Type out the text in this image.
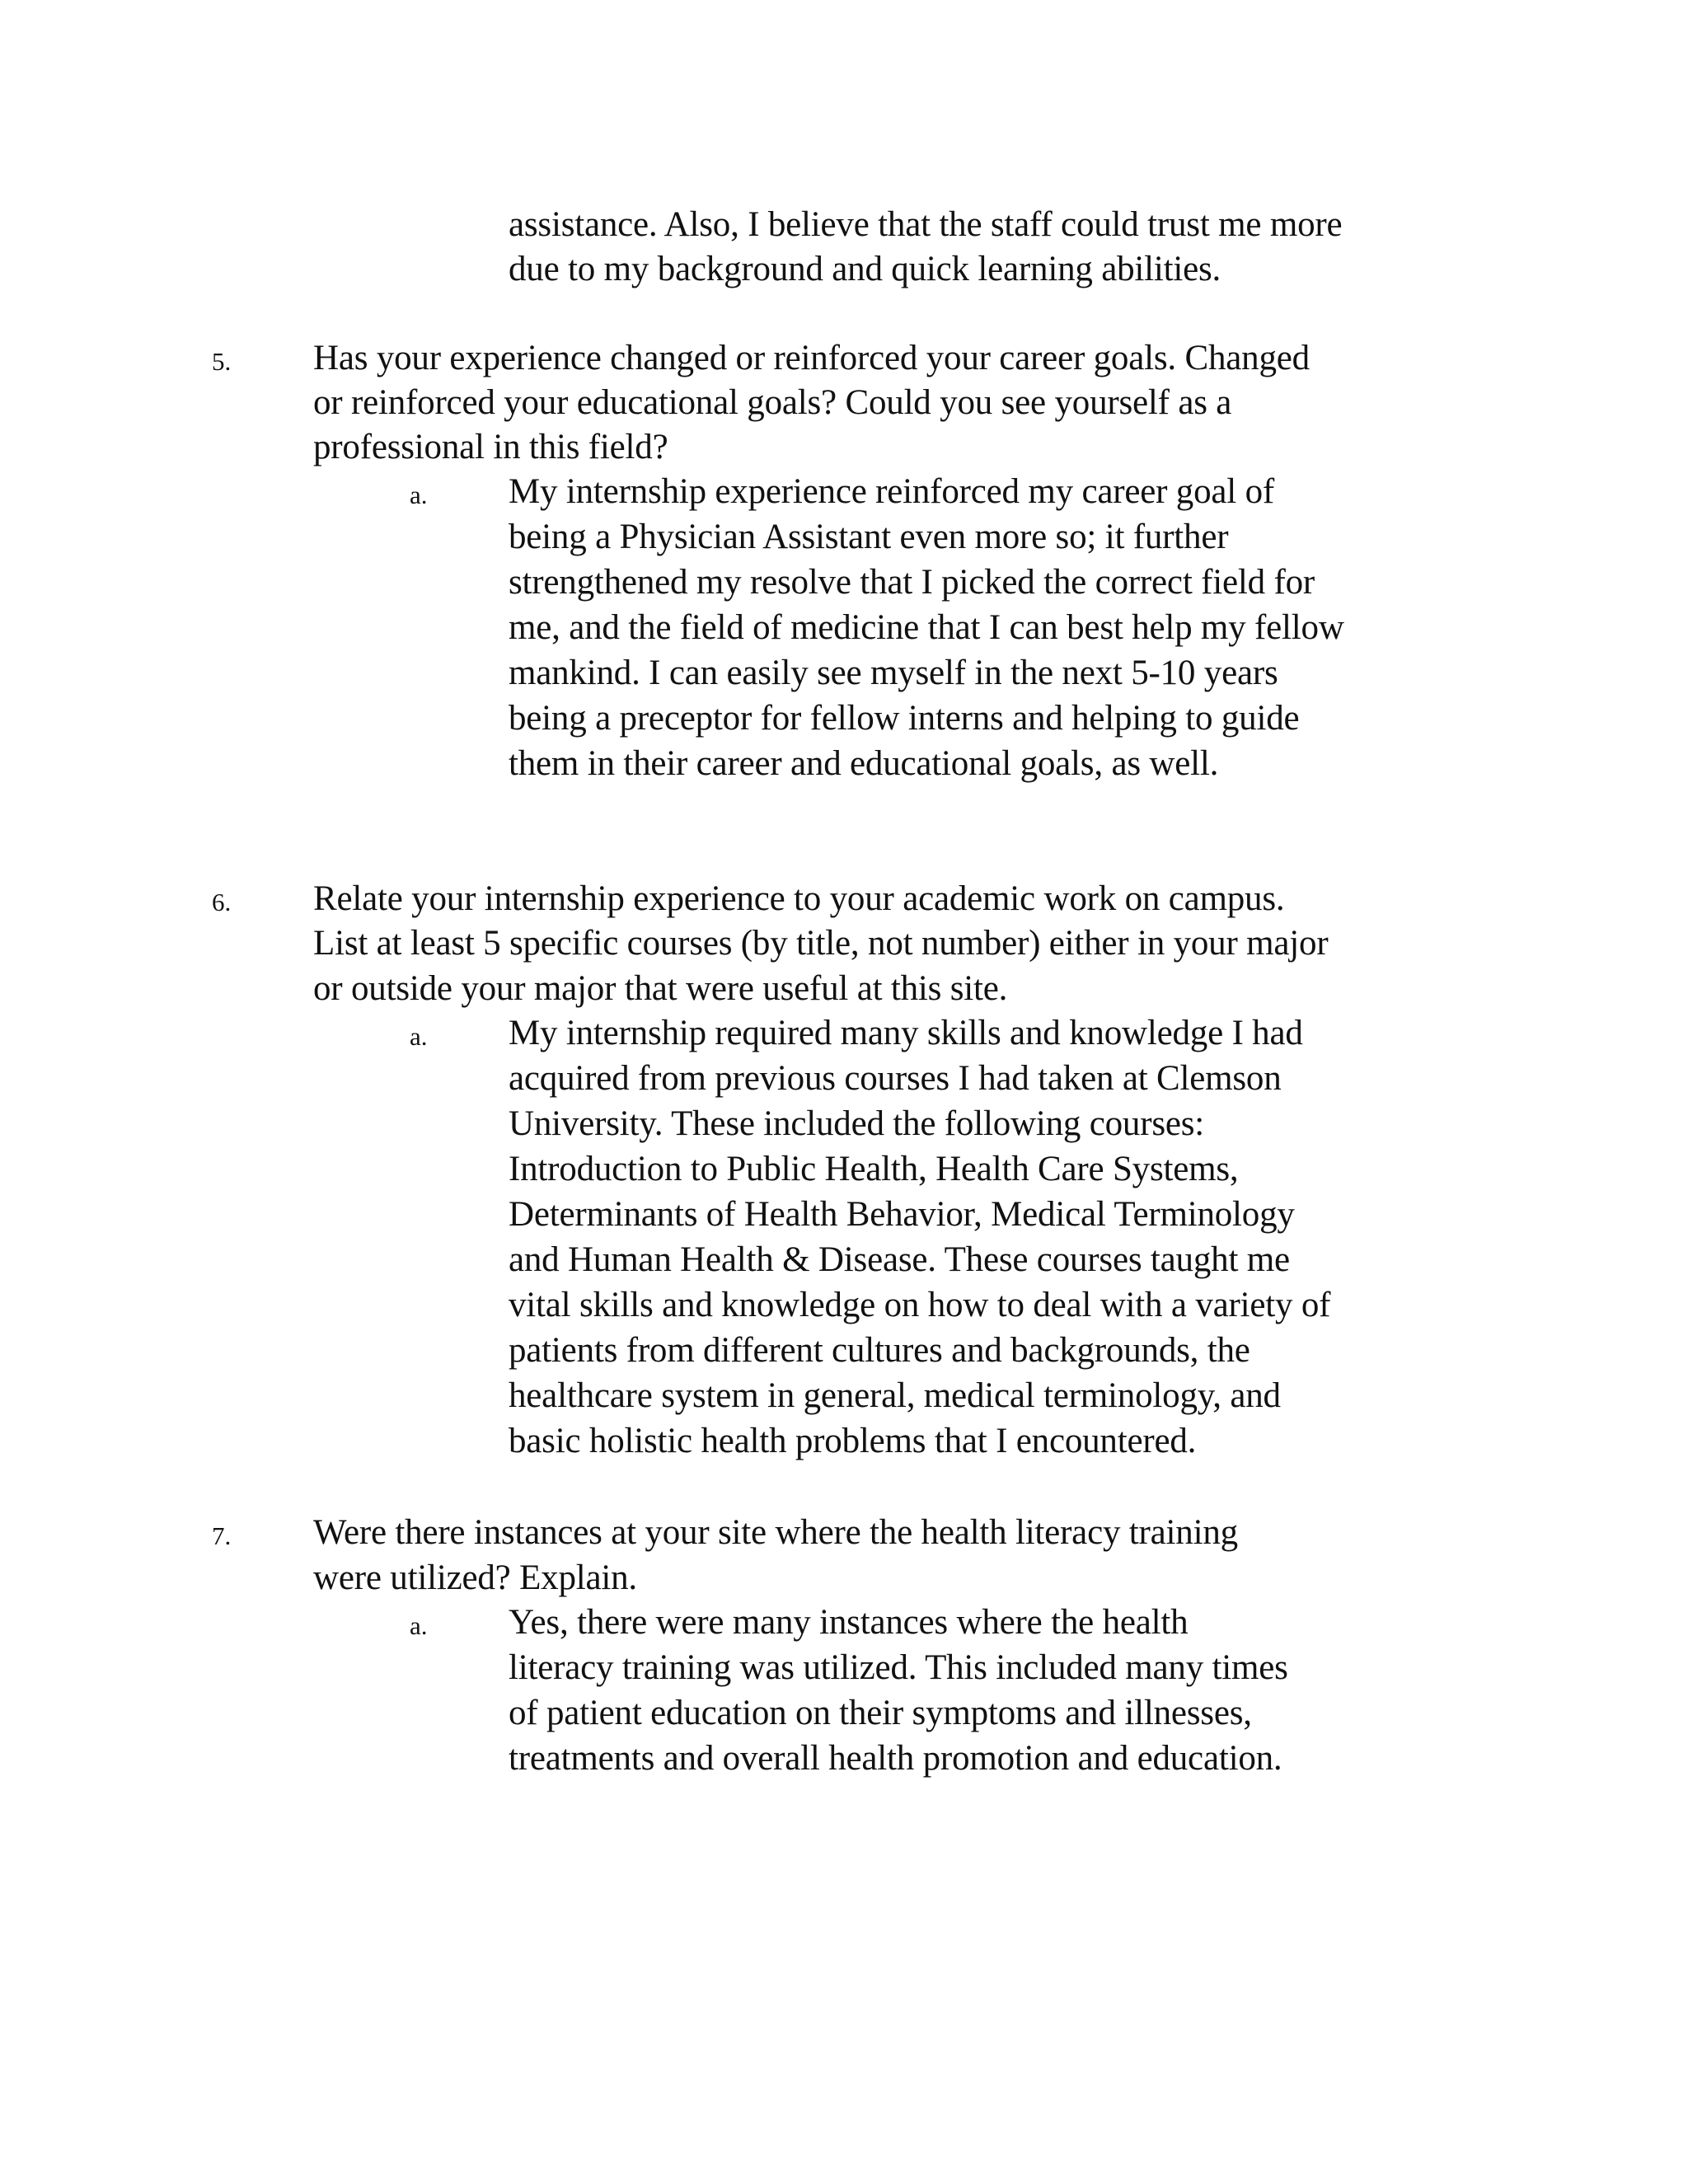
assistance. Also, I believe that the staff could trust me more
due to my background and quick learning abilities.
5. Has your experience changed or reinforced your career goals. Changed
or reinforced your educational goals? Could you see yourself as a
professional in this field?
a. My internship experience reinforced my career goal of
being a Physician Assistant even more so; it further
strengthened my resolve that I picked the correct field for
me, and the field of medicine that I can best help my fellow
mankind. I can easily see myself in the next 5-10 years
being a preceptor for fellow interns and helping to guide
them in their career and educational goals, as well.
6. Relate your internship experience to your academic work on campus.
List at least 5 specific courses (by title, not number) either in your major
or outside your major that were useful at this site.
a. My internship required many skills and knowledge I had
acquired from previous courses I had taken at Clemson
University. These included the following courses:
Introduction to Public Health, Health Care Systems,
Determinants of Health Behavior, Medical Terminology
and Human Health & Disease. These courses taught me
vital skills and knowledge on how to deal with a variety of
patients from different cultures and backgrounds, the
healthcare system in general, medical terminology, and
basic holistic health problems that I encountered.
7. Were there instances at your site where the health literacy training
were utilized? Explain.
a. Yes, there were many instances where the health
literacy training was utilized. This included many times
of patient education on their symptoms and illnesses,
treatments and overall health promotion and education.
